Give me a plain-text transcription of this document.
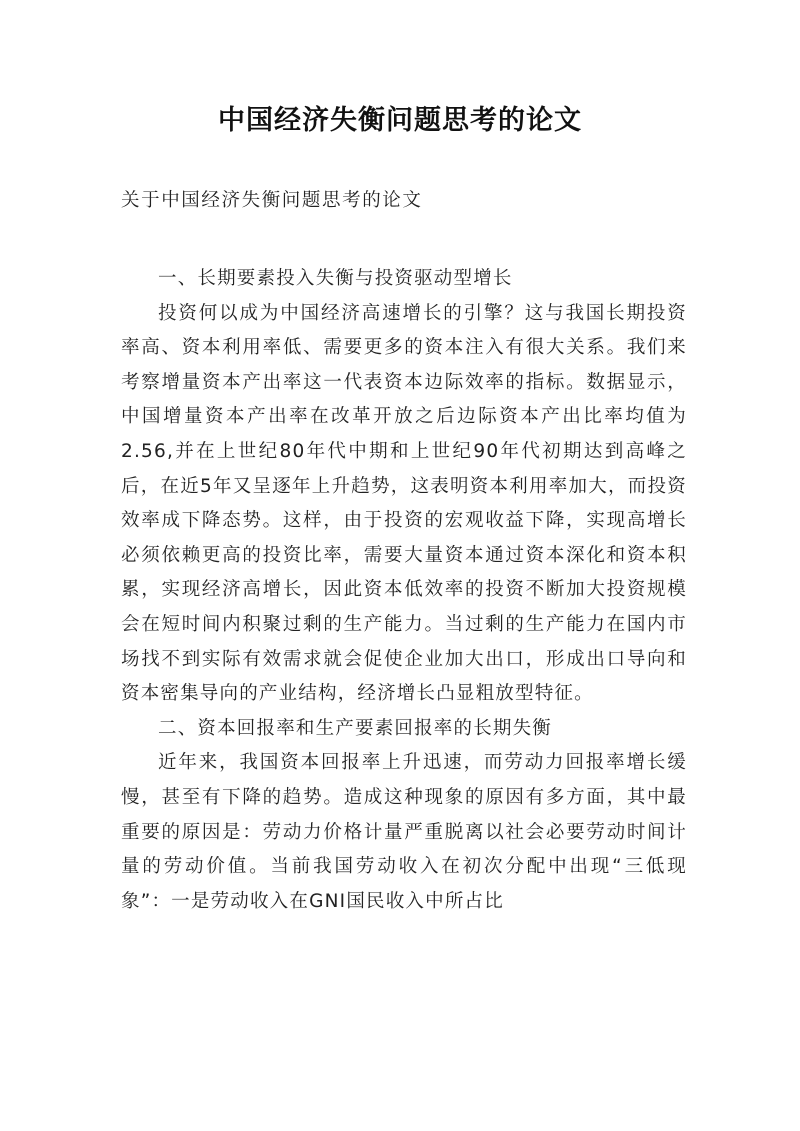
中国经济失衡问题思考的论文
关于中国经济失衡问题思考的论文

一、长期要素投入失衡与投资驱动型增长

投资何以成为中国经济高速增长的引擎？这与我国长期投资率高、资本利用率低、需要更多的资本注入有很大关系。我们来考察增量资本产出率这一代表资本边际效率的指标。数据显示，中国增量资本产出率在改革开放之后边际资本产出比率均值为2.56,并在上世纪80年代中期和上世纪90年代初期达到高峰之后，在近5年又呈逐年上升趋势，这表明资本利用率加大，而投资效率成下降态势。这样，由于投资的宏观收益下降，实现高增长必须依赖更高的投资比率，需要大量资本通过资本深化和资本积累，实现经济高增长，因此资本低效率的投资不断加大投资规模会在短时间内积聚过剩的生产能力。当过剩的生产能力在国内市场找不到实际有效需求就会促使企业加大出口，形成出口导向和资本密集导向的产业结构，经济增长凸显粗放型特征。

二、资本回报率和生产要素回报率的长期失衡

近年来，我国资本回报率上升迅速，而劳动力回报率增长缓慢，甚至有下降的趋势。造成这种现象的原因有多方面，其中最重要的原因是：劳动力价格计量严重脱离以社会必要劳动时间计量的劳动价值。当前我国劳动收入在初次分配中出现“三低现象”：一是劳动收入在GNI国民收入中所占比
